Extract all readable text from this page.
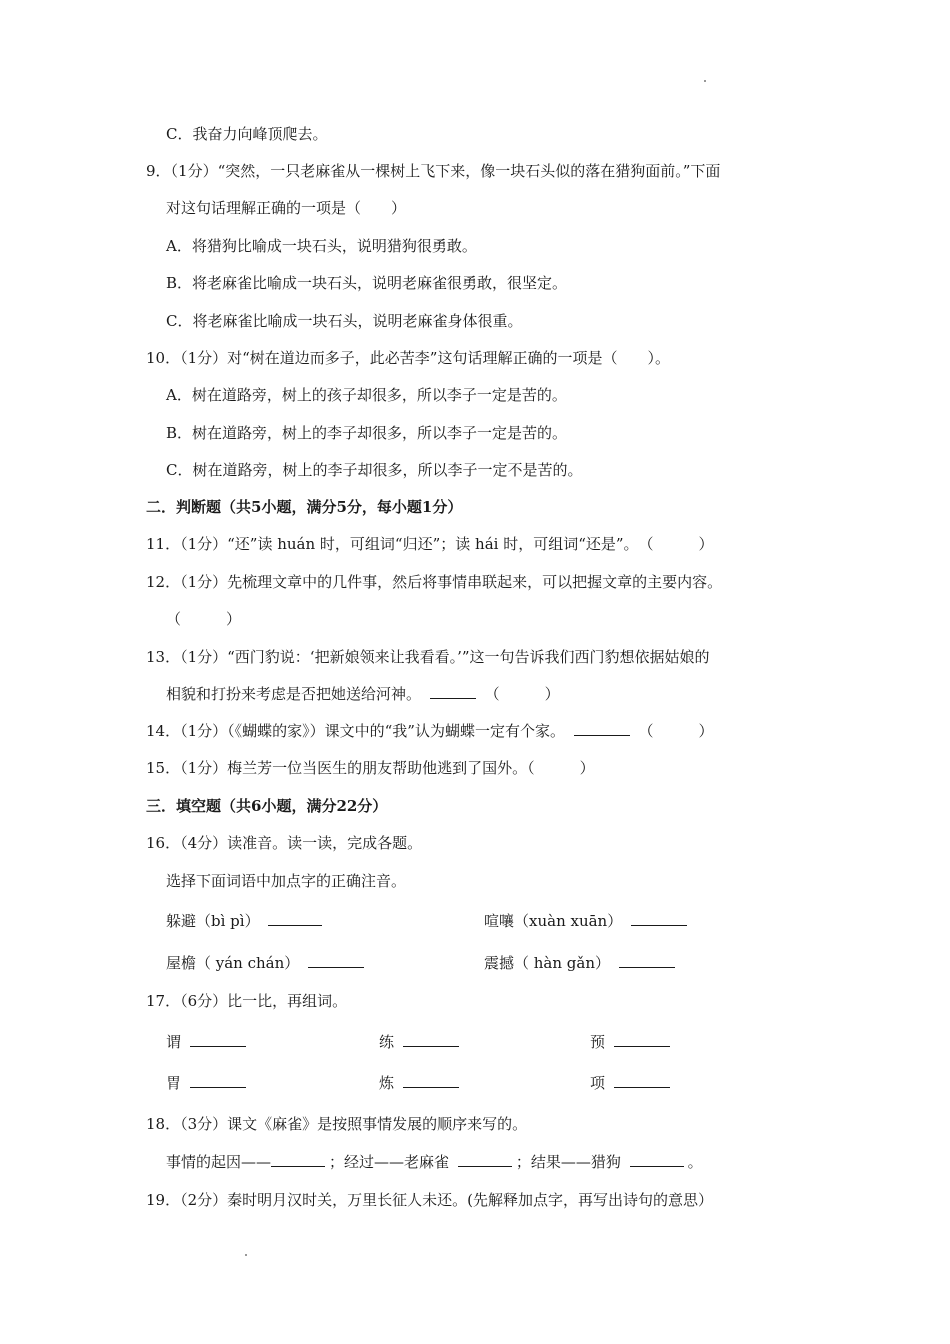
C．我奋力向峰顶爬去。
9．（1分）“突然，一只老麻雀从一棵树上飞下来，像一块石头似的落在猎狗面前。”下面
对这句话理解正确的一项是（　　）
A．将猎狗比喻成一块石头，说明猎狗很勇敢。
B．将老麻雀比喻成一块石头，说明老麻雀很勇敢，很坚定。
C．将老麻雀比喻成一块石头，说明老麻雀身体很重。
10．（1分）对“树在道边而多子，此必苦李”这句话理解正确的一项是（　　）。
A．树在道路旁，树上的孩子却很多，所以李子一定是苦的。
B．树在道路旁，树上的李子却很多，所以李子一定是苦的。
C．树在道路旁，树上的李子却很多，所以李子一定不是苦的。
二．判断题（共5小题，满分5分，每小题1分）
11．（1分）“还”读 huán 时，可组词“归还”；读 hái 时，可组词“还是”。　（　　　）
12．（1分）先梳理文章中的几件事，然后将事情串联起来，可以把握文章的主要内容。
（　　　）
13．（1分）“西门豹说：‘把新娘领来让我看看。’”这一句告诉我们西门豹想依据姑娘的
相貌和打扮来考虑是否把她送给河神。	（　　　）
14．（1分）（《蝴蝶的家》）课文中的“我”认为蝴蝶一定有个家。	（　　　）
15．（1分）梅兰芳一位当医生的朋友帮助他逃到了国外。（　　　）
三．填空题（共6小题，满分22分）
16．（4分）读准音。读一读，完成各题。
选择下面词语中加点字的正确注音。
躲避（bì pì）	喧嚷（xuàn xuān）
屋檐（ yán chán）	震撼（ hàn gǎn）
17．（6分）比一比，再组词。
谓	练	预
胃	炼	项
18．（3分）课文《麻雀》是按照事情发展的顺序来写的。
事情的起因——	；经过——老麻雀	；结果——猎狗	。
19．（2分）秦时明月汉时关，万里长征人未还。(先解释加点字，再写出诗句的意思）
